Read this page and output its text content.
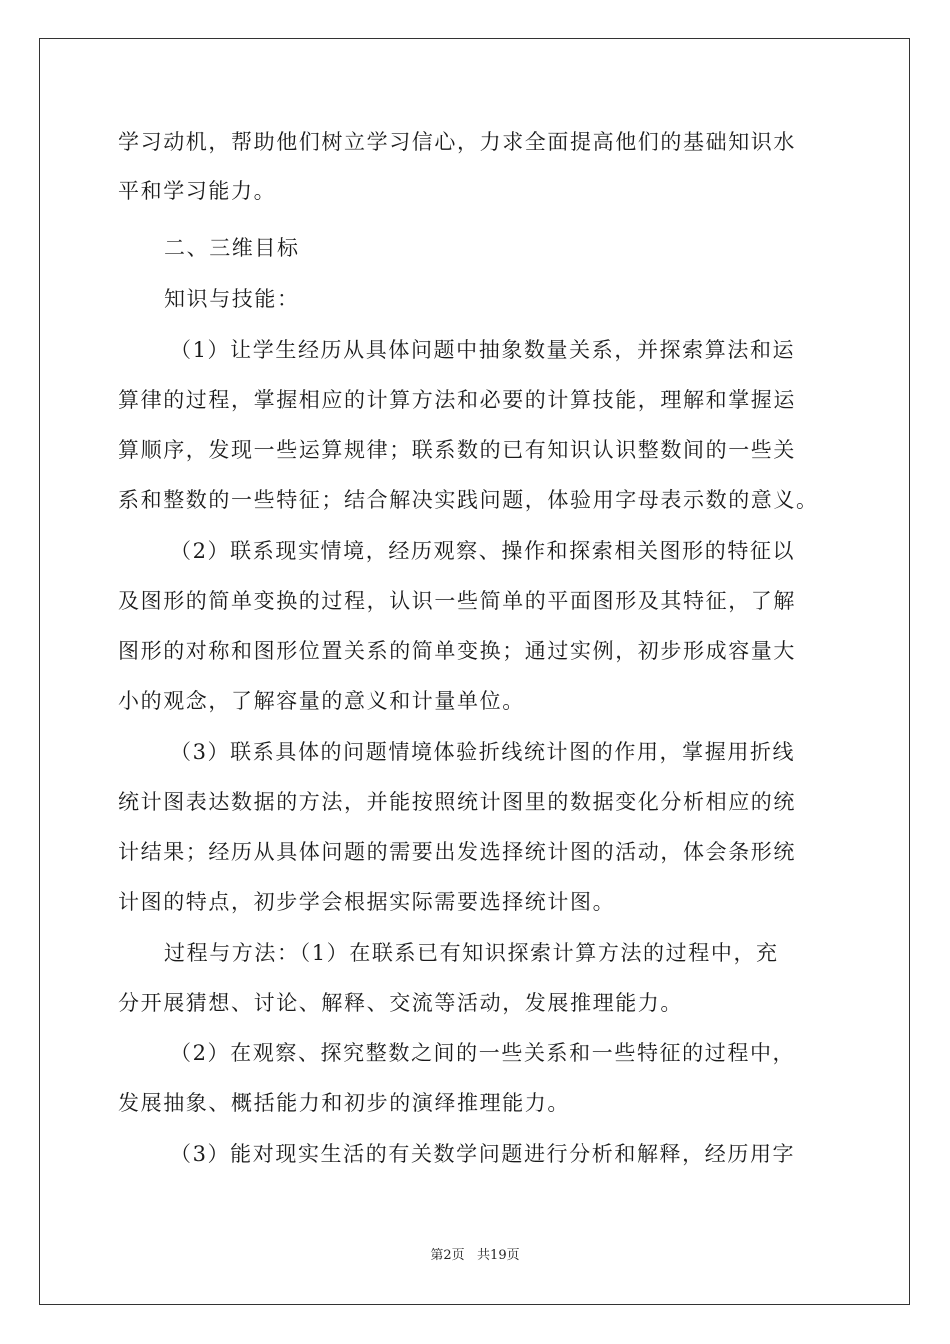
学习动机，帮助他们树立学习信心，力求全面提高他们的基础知识水
平和学习能力。
二、三维目标
知识与技能：
（1）让学生经历从具体问题中抽象数量关系，并探索算法和运
算律的过程，掌握相应的计算方法和必要的计算技能，理解和掌握运
算顺序，发现一些运算规律；联系数的已有知识认识整数间的一些关
系和整数的一些特征；结合解决实践问题，体验用字母表示数的意义。
（2）联系现实情境，经历观察、操作和探索相关图形的特征以
及图形的简单变换的过程，认识一些简单的平面图形及其特征，了解
图形的对称和图形位置关系的简单变换；通过实例，初步形成容量大
小的观念，了解容量的意义和计量单位。
（3）联系具体的问题情境体验折线统计图的作用，掌握用折线
统计图表达数据的方法，并能按照统计图里的数据变化分析相应的统
计结果；经历从具体问题的需要出发选择统计图的活动，体会条形统
计图的特点，初步学会根据实际需要选择统计图。
过程与方法：（1）在联系已有知识探索计算方法的过程中，充
分开展猜想、讨论、解释、交流等活动，发展推理能力。
（2）在观察、探究整数之间的一些关系和一些特征的过程中，
发展抽象、概括能力和初步的演绎推理能力。
（3）能对现实生活的有关数学问题进行分析和解释，经历用字
第2页   共19页
